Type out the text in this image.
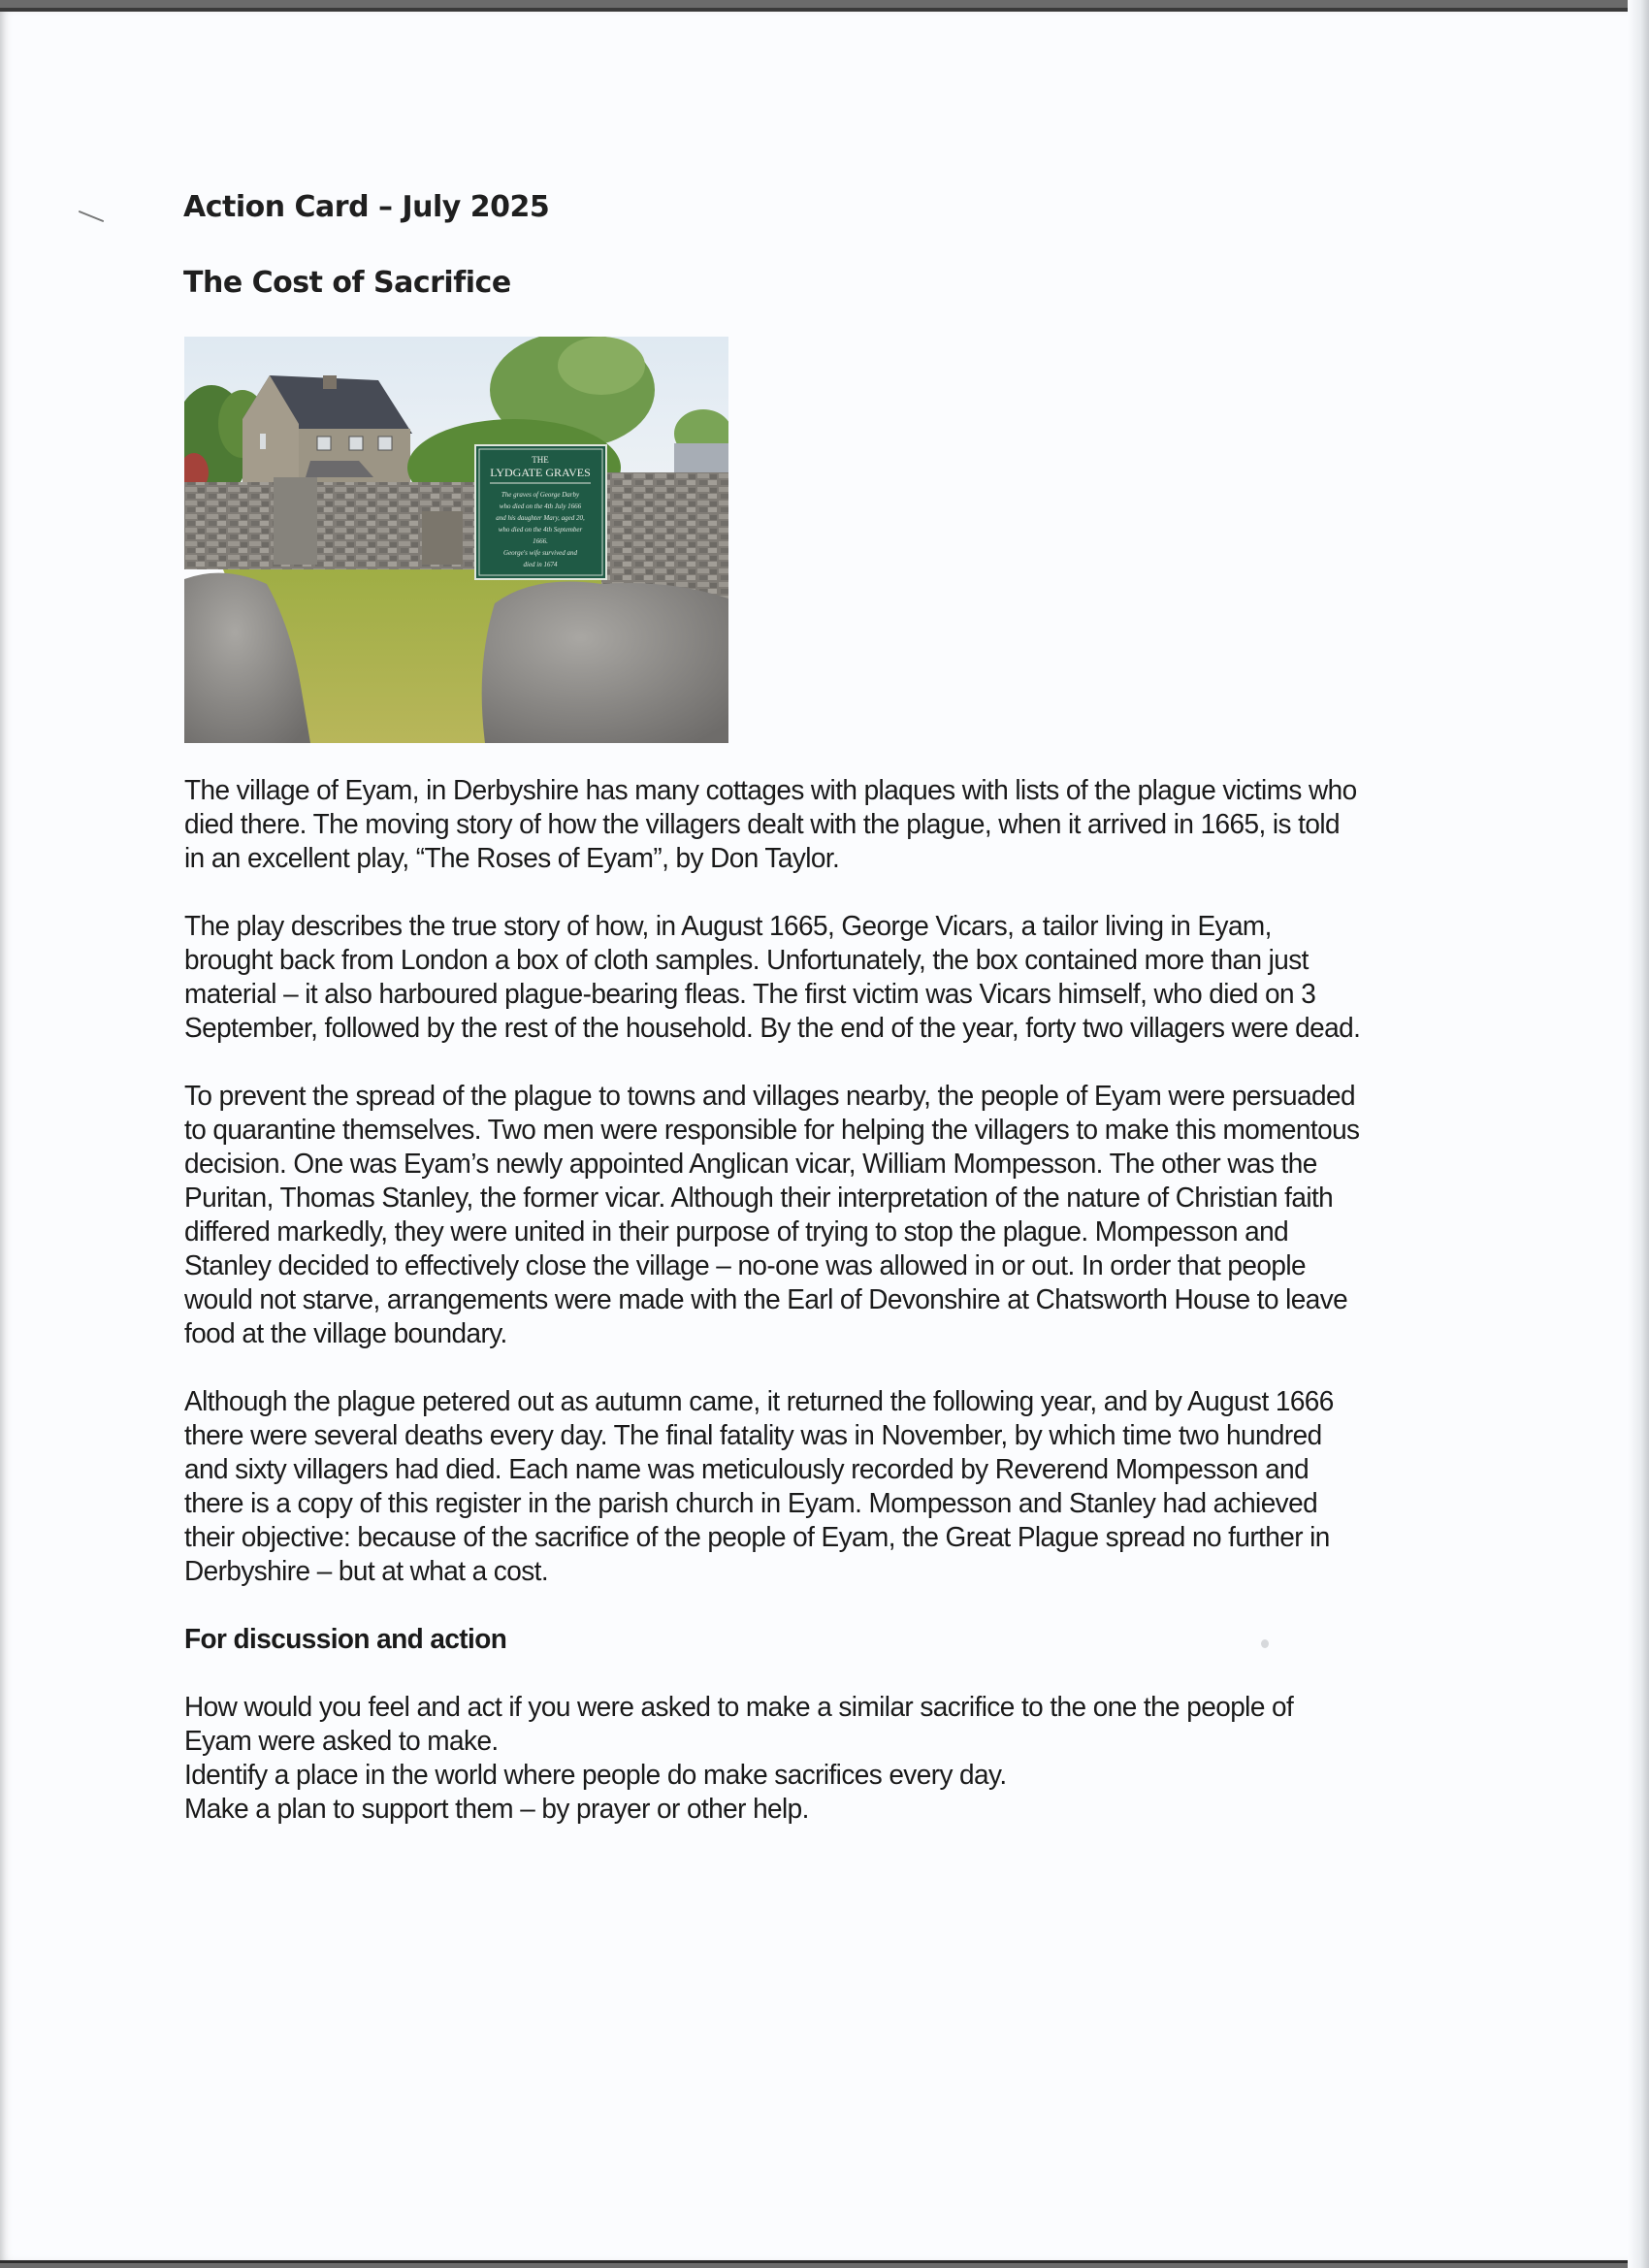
Action Card – July 2025
The Cost of Sacrifice
THE
LYDGATE GRAVES
The graves of George Darby
who died on the 4th July 1666
and his daughter Mary, aged 20,
who died on the 4th September
1666.
George's wife survived and
died in 1674

The village of Eyam, in Derbyshire has many cottages with plaques with lists of the plague victims who died there. The moving story of how the villagers dealt with the plague, when it arrived in 1665, is told in an excellent play, “The Roses of Eyam”, by Don Taylor.

The play describes the true story of how, in August 1665, George Vicars, a tailor living in Eyam, brought back from London a box of cloth samples. Unfortunately, the box contained more than just material – it also harboured plague-bearing fleas. The first victim was Vicars himself, who died on 3 September, followed by the rest of the household. By the end of the year, forty two villagers were dead.

To prevent the spread of the plague to towns and villages nearby, the people of Eyam were persuaded to quarantine themselves. Two men were responsible for helping the villagers to make this momentous decision. One was Eyam’s newly appointed Anglican vicar, William Mompesson. The other was the Puritan, Thomas Stanley, the former vicar. Although their interpretation of the nature of Christian faith differed markedly, they were united in their purpose of trying to stop the plague. Mompesson and Stanley decided to effectively close the village – no-one was allowed in or out. In order that people would not starve, arrangements were made with the Earl of Devonshire at Chatsworth House to leave food at the village boundary.

Although the plague petered out as autumn came, it returned the following year, and by August 1666 there were several deaths every day. The final fatality was in November, by which time two hundred and sixty villagers had died. Each name was meticulously recorded by Reverend Mompesson and there is a copy of this register in the parish church in Eyam. Mompesson and Stanley had achieved their objective: because of the sacrifice of the people of Eyam, the Great Plague spread no further in Derbyshire – but at what a cost.

For discussion and action

How would you feel and act if you were asked to make a similar sacrifice to the one the people of Eyam were asked to make.

Identify a place in the world where people do make sacrifices every day.

Make a plan to support them – by prayer or other help.
